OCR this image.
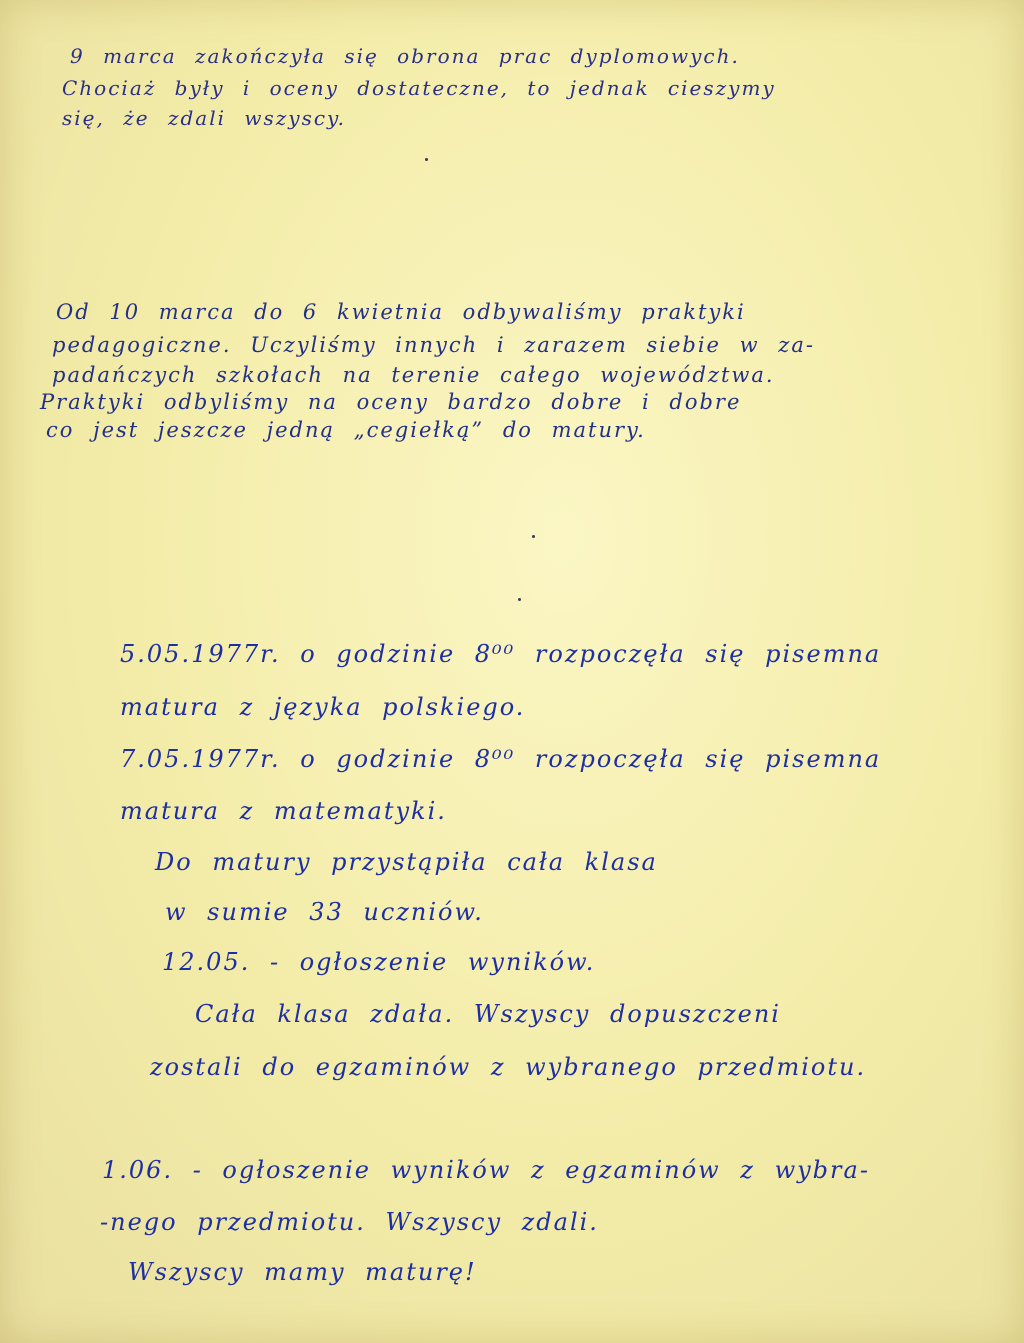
9 marca zakończyła się obrona prac dyplomowych.
Chociaż były i oceny dostateczne, to jednak cieszymy
się, że zdali wszyscy.
Od 10 marca do 6 kwietnia odbywaliśmy praktyki
pedagogiczne. Uczyliśmy innych i zarazem siebie w za-
padańczych szkołach na terenie całego województwa.
Praktyki odbyliśmy na oceny bardzo dobre i dobre
co jest jeszcze jedną „cegiełką” do matury.
5.05.1977r. o godzinie 8⁰⁰ rozpoczęła się pisemna
matura z języka polskiego.
7.05.1977r. o godzinie 8⁰⁰ rozpoczęła się pisemna
matura z matematyki.
Do matury przystąpiła cała klasa
w sumie 33 uczniów.
12.05. - ogłoszenie wyników.
Cała klasa zdała. Wszyscy dopuszczeni
zostali do egzaminów z wybranego przedmiotu.
1.06. - ogłoszenie wyników z egzaminów z wybra-
-nego przedmiotu. Wszyscy zdali.
Wszyscy mamy maturę!
